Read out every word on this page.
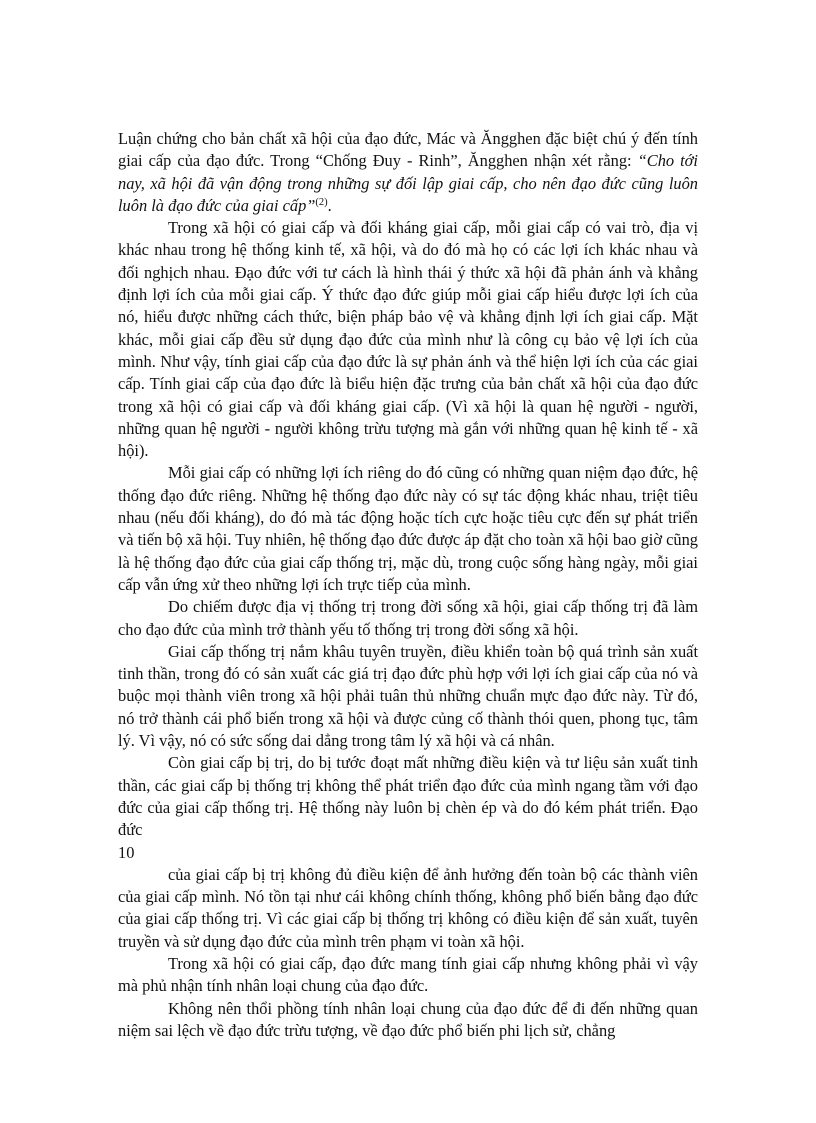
Luận chứng cho bản chất xã hội của đạo đức, Mác và Ăngghen đặc biệt chú ý đến tính giai cấp của đạo đức. Trong “Chống Đuy - Rinh”, Ăngghen nhận xét rằng: “Cho tới nay, xã hội đã vận động trong những sự đối lập giai cấp, cho nên đạo đức cũng luôn luôn là đạo đức của giai cấp”$^{(2)}$.

Trong xã hội có giai cấp và đối kháng giai cấp, mỗi giai cấp có vai trò, địa vị khác nhau trong hệ thống kinh tế, xã hội, và do đó mà họ có các lợi ích khác nhau và đối nghịch nhau. Đạo đức với tư cách là hình thái ý thức xã hội đã phản ánh và khẳng định lợi ích của mỗi giai cấp. Ý thức đạo đức giúp mỗi giai cấp hiểu được lợi ích của nó, hiểu được những cách thức, biện pháp bảo vệ và khẳng định lợi ích giai cấp. Mặt khác, mỗi giai cấp đều sử dụng đạo đức của mình như là công cụ bảo vệ lợi ích của mình. Như vậy, tính giai cấp của đạo đức là sự phản ánh và thể hiện lợi ích của các giai cấp. Tính giai cấp của đạo đức là biểu hiện đặc trưng của bản chất xã hội của đạo đức trong xã hội có giai cấp và đối kháng giai cấp. (Vì xã hội là quan hệ người - người, những quan hệ người - người không trừu tượng mà gắn với những quan hệ kinh tế - xã hội).

Mỗi giai cấp có những lợi ích riêng do đó cũng có những quan niệm đạo đức, hệ thống đạo đức riêng. Những hệ thống đạo đức này có sự tác động khác nhau, triệt tiêu nhau (nếu đối kháng), do đó mà tác động hoặc tích cực hoặc tiêu cực đến sự phát triển và tiến bộ xã hội. Tuy nhiên, hệ thống đạo đức được áp đặt cho toàn xã hội bao giờ cũng là hệ thống đạo đức của giai cấp thống trị, mặc dù, trong cuộc sống hàng ngày, mỗi giai cấp vẫn ứng xử theo những lợi ích trực tiếp của mình.

Do chiếm được địa vị thống trị trong đời sống xã hội, giai cấp thống trị đã làm cho đạo đức của mình trở thành yếu tố thống trị trong đời sống xã hội.

Giai cấp thống trị nắm khâu tuyên truyền, điều khiển toàn bộ quá trình sản xuất tinh thần, trong đó có sản xuất các giá trị đạo đức phù hợp với lợi ích giai cấp của nó và buộc mọi thành viên trong xã hội phải tuân thủ những chuẩn mực đạo đức này. Từ đó, nó trở thành cái phổ biến trong xã hội và được củng cố thành thói quen, phong tục, tâm lý. Vì vậy, nó có sức sống dai dẳng trong tâm lý xã hội và cá nhân.

Còn giai cấp bị trị, do bị tước đoạt mất những điều kiện và tư liệu sản xuất tinh thần, các giai cấp bị thống trị không thể phát triển đạo đức của mình ngang tầm với đạo đức của giai cấp thống trị. Hệ thống này luôn bị chèn ép và do đó kém phát triển. Đạo đức

10

của giai cấp bị trị không đủ điều kiện để ảnh hưởng đến toàn bộ các thành viên của giai cấp mình. Nó tồn tại như cái không chính thống, không phổ biến bằng đạo đức của giai cấp thống trị. Vì các giai cấp bị thống trị không có điều kiện để sản xuất, tuyên truyền và sử dụng đạo đức của mình trên phạm vi toàn xã hội.

Trong xã hội có giai cấp, đạo đức mang tính giai cấp nhưng không phải vì vậy mà phủ nhận tính nhân loại chung của đạo đức.

Không nên thổi phồng tính nhân loại chung của đạo đức để đi đến những quan niệm sai lệch về đạo đức trừu tượng, về đạo đức phổ biến phi lịch sử, chẳng
